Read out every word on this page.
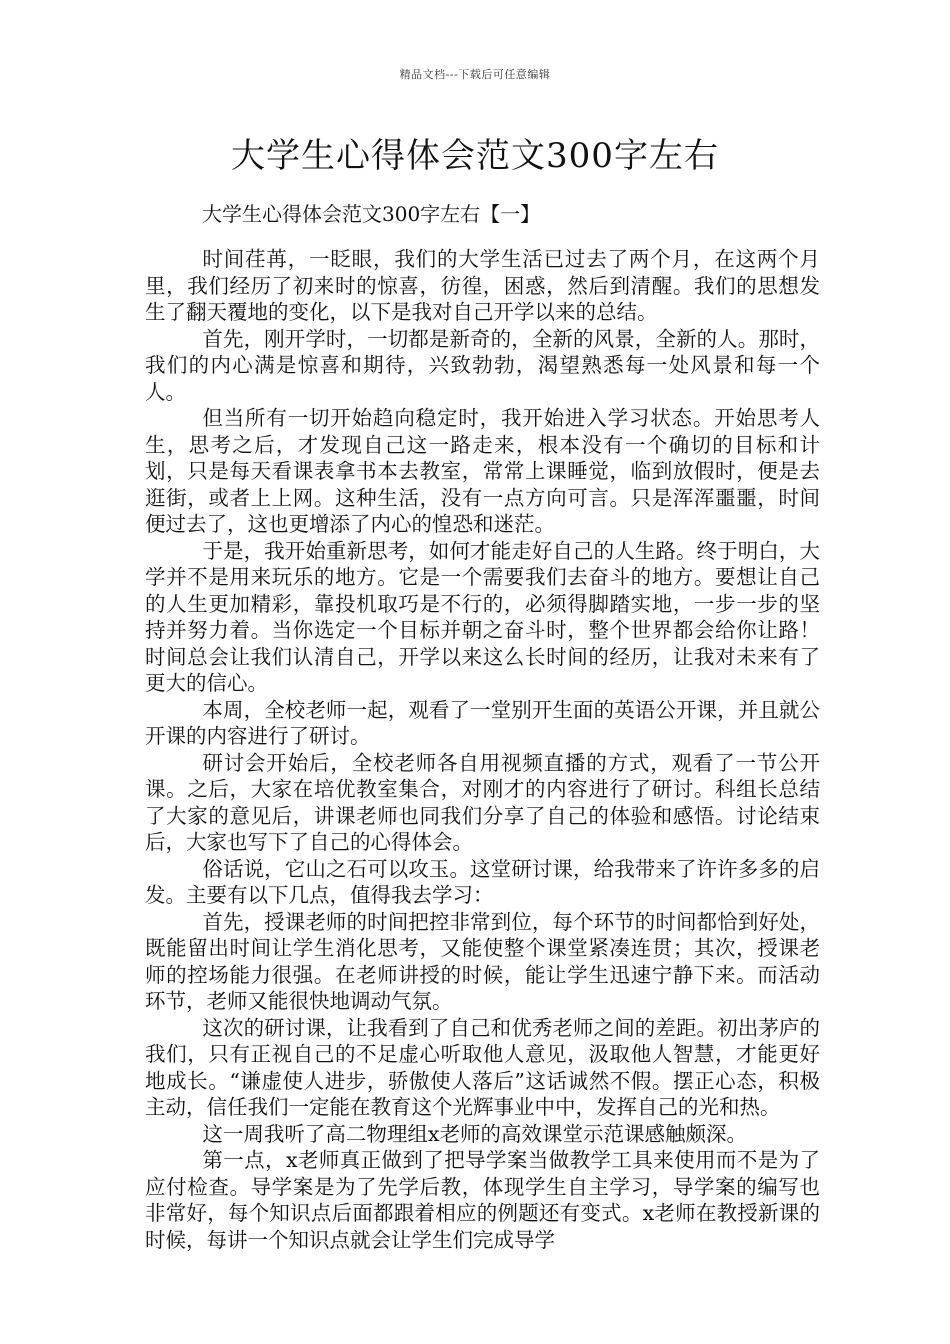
精品文档---下载后可任意编辑
大学生心得体会范文300字左右
大学生心得体会范文300字左右【一】

时间荏苒，一眨眼，我们的大学生活已过去了两个月，在这两个月里，我们经历了初来时的惊喜，彷徨，困惑，然后到清醒。我们的思想发生了翻天覆地的变化，以下是我对自己开学以来的总结。

首先，刚开学时，一切都是新奇的，全新的风景，全新的人。那时，我们的内心满是惊喜和期待，兴致勃勃，渴望熟悉每一处风景和每一个人。

但当所有一切开始趋向稳定时，我开始进入学习状态。开始思考人生，思考之后，才发现自己这一路走来，根本没有一个确切的目标和计划，只是每天看课表拿书本去教室，常常上课睡觉，临到放假时，便是去逛街，或者上上网。这种生活，没有一点方向可言。只是浑浑噩噩，时间便过去了，这也更增添了内心的惶恐和迷茫。

于是，我开始重新思考，如何才能走好自己的人生路。终于明白，大学并不是用来玩乐的地方。它是一个需要我们去奋斗的地方。要想让自己的人生更加精彩，靠投机取巧是不行的，必须得脚踏实地，一步一步的坚持并努力着。当你选定一个目标并朝之奋斗时，整个世界都会给你让路！时间总会让我们认清自己，开学以来这么长时间的经历，让我对未来有了更大的信心。

本周，全校老师一起，观看了一堂别开生面的英语公开课，并且就公开课的内容进行了研讨。

研讨会开始后，全校老师各自用视频直播的方式，观看了一节公开课。之后，大家在培优教室集合，对刚才的内容进行了研讨。科组长总结了大家的意见后，讲课老师也同我们分享了自己的体验和感悟。讨论结束后，大家也写下了自己的心得体会。

俗话说，它山之石可以攻玉。这堂研讨课，给我带来了许许多多的启发。主要有以下几点，值得我去学习：

首先，授课老师的时间把控非常到位，每个环节的时间都恰到好处，既能留出时间让学生消化思考，又能使整个课堂紧凑连贯；其次，授课老师的控场能力很强。在老师讲授的时候，能让学生迅速宁静下来。而活动环节，老师又能很快地调动气氛。

这次的研讨课，让我看到了自己和优秀老师之间的差距。初出茅庐的我们，只有正视自己的不足虚心听取他人意见，汲取他人智慧，才能更好地成长。“谦虚使人进步，骄傲使人落后”这话诚然不假。摆正心态，积极主动，信任我们一定能在教育这个光辉事业中中，发挥自己的光和热。

这一周我听了高二物理组x老师的高效课堂示范课感触颇深。

第一点，x老师真正做到了把导学案当做教学工具来使用而不是为了应付检查。导学案是为了先学后教，体现学生自主学习，导学案的编写也非常好，每个知识点后面都跟着相应的例题还有变式。x老师在教授新课的时候，每讲一个知识点就会让学生们完成导学
